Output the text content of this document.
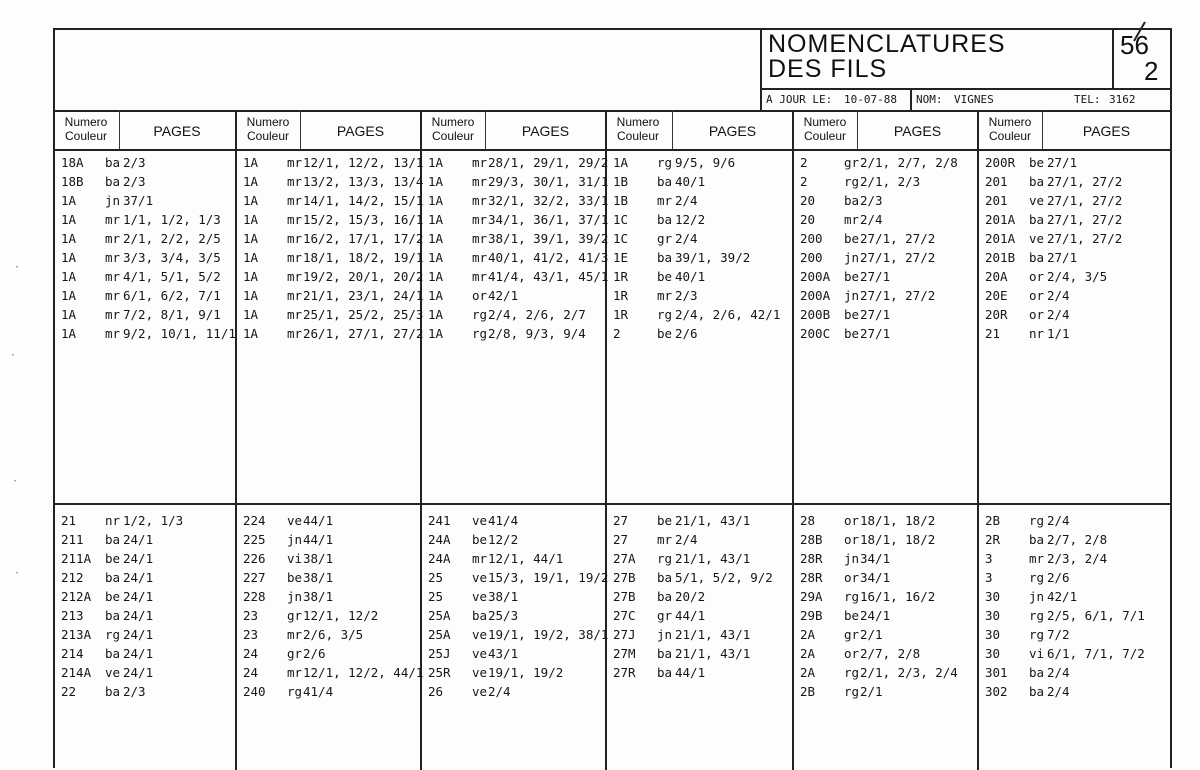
NOMENCLATURES
DES FILS
56
2
A JOUR LE: 10-07-88 NOM: VIGNES	TEL: 3162
Numero
Couleur	PAGES
Numero
Couleur	PAGES
Numero
Couleur	PAGES
Numero
Couleur	PAGES
Numero
Couleur	PAGES
Numero
Couleur	PAGES
18A ba 2/3
18B ba 2/3
1A jn 37/1
1A mr 1/1, 1/2, 1/3
1A mr 2/1, 2/2, 2/5
1A mr 3/3, 3/4, 3/5
1A mr 4/1, 5/1, 5/2
1A mr 6/1, 6/2, 7/1
1A mr 7/2, 8/1, 9/1
1A mr 9/2, 10/1, 11/1
1A mr 12/1, 12/2, 13/1
1A mr 13/2, 13/3, 13/4
1A mr 14/1, 14/2, 15/1
1A mr 15/2, 15/3, 16/1
1A mr 16/2, 17/1, 17/2
1A mr 18/1, 18/2, 19/1
1A mr 19/2, 20/1, 20/2
1A mr 21/1, 23/1, 24/1
1A mr 25/1, 25/2, 25/3
1A mr 26/1, 27/1, 27/2
1A mr 28/1, 29/1, 29/2
1A mr 29/3, 30/1, 31/1
1A mr 32/1, 32/2, 33/1
1A mr 34/1, 36/1, 37/1
1A mr 38/1, 39/1, 39/2
1A mr 40/1, 41/2, 41/3
1A mr 41/4, 43/1, 45/1
1A or 42/1
1A rg 2/4, 2/6, 2/7
1A rg 2/8, 9/3, 9/4
1A rg 9/5, 9/6
1B ba 40/1
1B mr 2/4
1C ba 12/2
1C gr 2/4
1E ba 39/1, 39/2
1R be 40/1
1R mr 2/3
1R rg 2/4, 2/6, 42/1
2	be 2/6
2	gr 2/1, 2/7, 2/8
2	rg 2/1, 2/3
20 ba 2/3
20 mr 2/4
200 be 27/1, 27/2
200 jn 27/1, 27/2
200A be 27/1
200A jn 27/1, 27/2
200B be 27/1
200C be 27/1
200R be 27/1
201 ba 27/1, 27/2
201 ve 27/1, 27/2
201A ba 27/1, 27/2
201A ve 27/1, 27/2
201B ba 27/1
20A or 2/4, 3/5
20E or 2/4
20R or 2/4
21 nr 1/1
21 nr 1/2, 1/3
211 ba 24/1
211A be 24/1
212 ba 24/1
212A be 24/1
213 ba 24/1
213A rg 24/1
214 ba 24/1
214A ve 24/1
22 ba 2/3
224 ve 44/1
225 jn 44/1
226 vi 38/1
227 be 38/1
228 jn 38/1
23 gr 12/1, 12/2
23 mr 2/6, 3/5
24 gr 2/6
24 mr 12/1, 12/2, 44/1
240 rg 41/4
241 ve 41/4
24A be 12/2
24A mr 12/1, 44/1
25 ve 15/3, 19/1, 19/2
25 ve 38/1
25A ba 25/3
25A ve 19/1, 19/2, 38/1
25J ve 43/1
25R ve 19/1, 19/2
26 ve 2/4
27 be 21/1, 43/1
27 mr 2/4
27A rg 21/1, 43/1
27B ba 5/1, 5/2, 9/2
27B ba 20/2
27C gr 44/1
27J jn 21/1, 43/1
27M ba 21/1, 43/1
27R ba 44/1
28 or 18/1, 18/2
28B or 18/1, 18/2
28R jn 34/1
28R or 34/1
29A rg 16/1, 16/2
29B be 24/1
2A gr 2/1
2A or 2/7, 2/8
2A rg 2/1, 2/3, 2/4
2B rg 2/1
2B rg 2/4
2R ba 2/7, 2/8
3	mr 2/3, 2/4
3	rg 2/6
30 jn 42/1
30 rg 2/5, 6/1, 7/1
30 rg 7/2
30 vi 6/1, 7/1, 7/2
301 ba 2/4
302 ba 2/4
·
·
·
·
